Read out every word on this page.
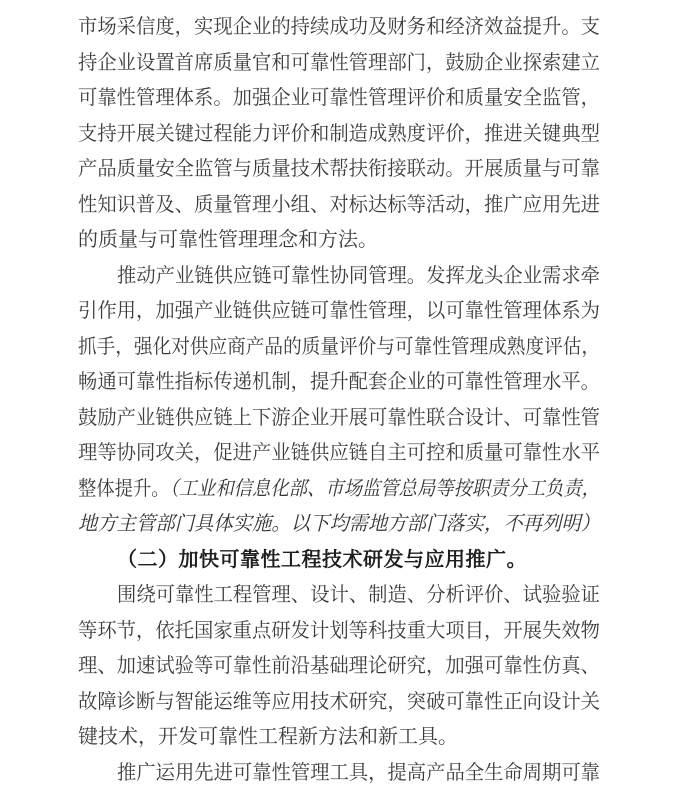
市场采信度，实现企业的持续成功及财务和经济效益提升。支
持企业设置首席质量官和可靠性管理部门，鼓励企业探索建立
可靠性管理体系。加强企业可靠性管理评价和质量安全监管，
支持开展关键过程能力评价和制造成熟度评价，推进关键典型
产品质量安全监管与质量技术帮扶衔接联动。开展质量与可靠
性知识普及、质量管理小组、对标达标等活动，推广应用先进
的质量与可靠性管理理念和方法。
推动产业链供应链可靠性协同管理。发挥龙头企业需求牵
引作用，加强产业链供应链可靠性管理，以可靠性管理体系为
抓手，强化对供应商产品的质量评价与可靠性管理成熟度评估，
畅通可靠性指标传递机制，提升配套企业的可靠性管理水平。
鼓励产业链供应链上下游企业开展可靠性联合设计、可靠性管
理等协同攻关，促进产业链供应链自主可控和质量可靠性水平
整体提升。（工业和信息化部、市场监管总局等按职责分工负责，
地方主管部门具体实施。以下均需地方部门落实，不再列明）
（二）加快可靠性工程技术研发与应用推广。
围绕可靠性工程管理、设计、制造、分析评价、试验验证
等环节，依托国家重点研发计划等科技重大项目，开展失效物
理、加速试验等可靠性前沿基础理论研究，加强可靠性仿真、
故障诊断与智能运维等应用技术研究，突破可靠性正向设计关
键技术，开发可靠性工程新方法和新工具。
推广运用先进可靠性管理工具，提高产品全生命周期可靠
